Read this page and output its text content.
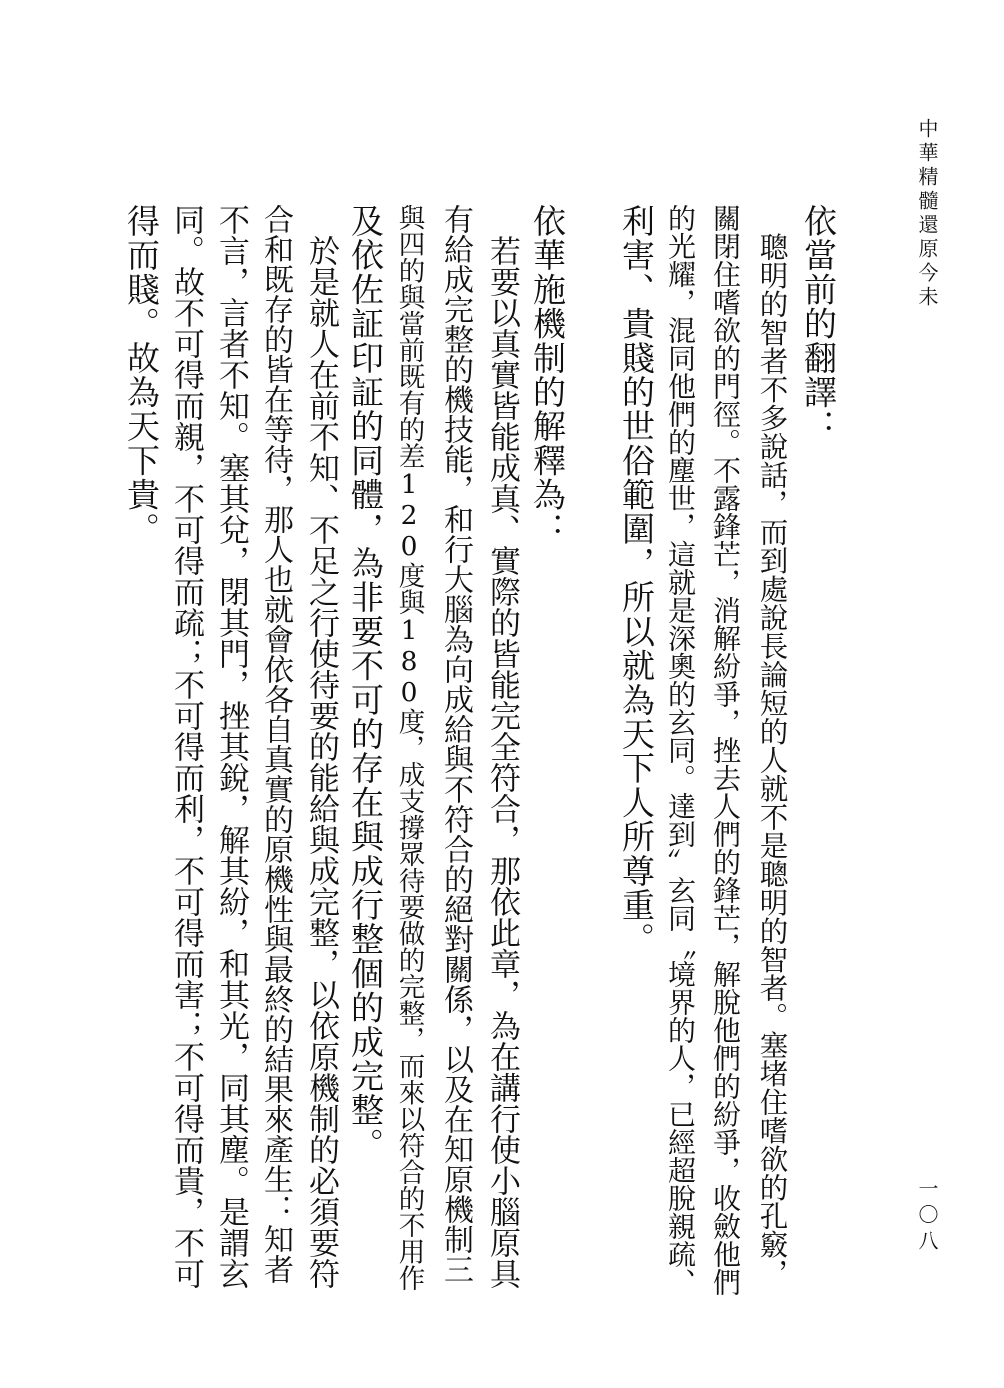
中華精髓還原今未
依當前的翻譯：
　聰明的智者不多說話，而到處說長論短的人就不是聰明的智者。塞堵住嗜欲的孔竅，
關閉住嗜欲的門徑。不露鋒芒，消解紛爭，挫去人們的鋒芒，解脫他們的紛爭，收斂他們
的光耀，混同他們的塵世，這就是深奧的玄同。達到〞玄同〝境界的人，已經超脫親疏、
利害、貴賤的世俗範圍，所以就為天下人所尊重。
依華施機制的解釋為：
　若要以真實皆能成真、實際的皆能完全符合，那依此章，為在講行使小腦原具
有給成完整的機技能，和行大腦為向成給與不符合的絕對關係，以及在知原機制三
與四的與當前既有的差120度與180度，成支撐眾待要做的完整，而來以符合的不用作
及依佐証印証的同體，為非要不可的存在與成行整個的成完整。
　於是就人在前不知、不足之行使待要的能給與成完整，以依原機制的必須要符
合和既存的皆在等待，那人也就會依各自真實的原機性與最終的結果來產生：知者
不言，言者不知。塞其兌，閉其門，挫其銳，解其紛，和其光，同其塵。是謂玄
同。故不可得而親，不可得而疏；不可得而利，不可得而害；不可得而貴，不可
得而賤。故為天下貴。
一〇八
